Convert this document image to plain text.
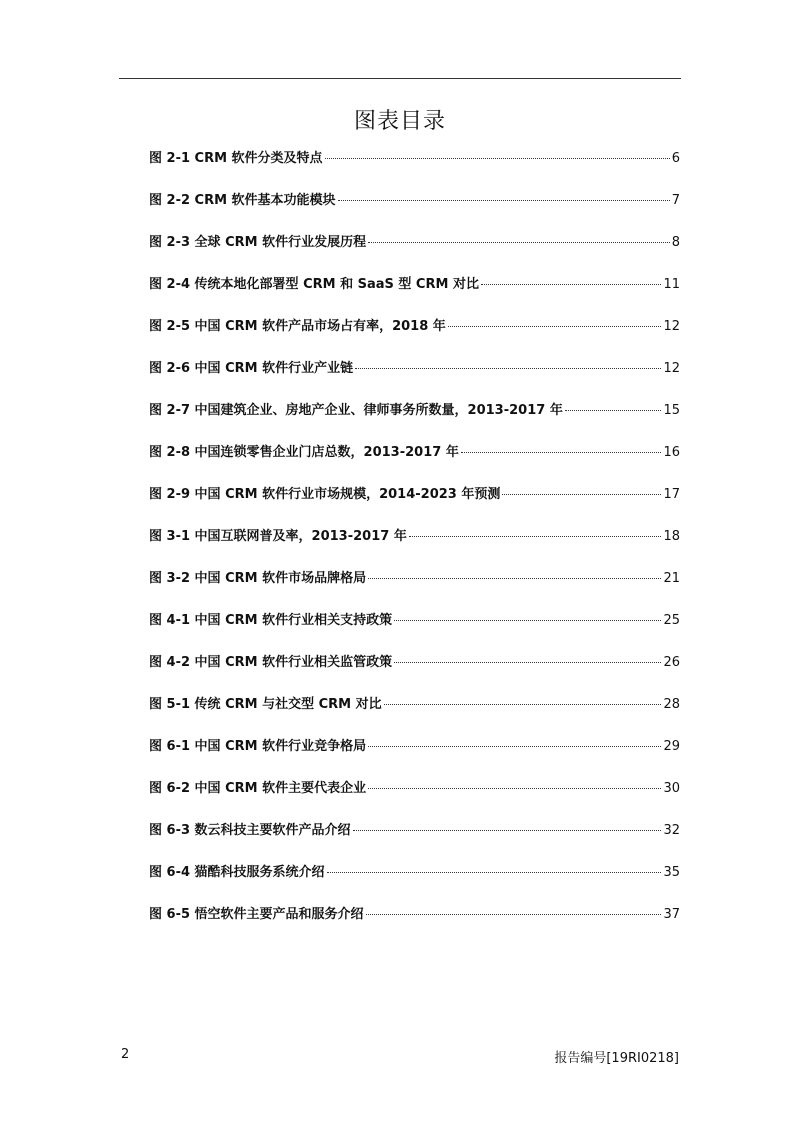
图表目录
图 2-1 CRM 软件分类及特点	6
图 2-2 CRM 软件基本功能模块	7
图 2-3 全球 CRM 软件行业发展历程	8
图 2-4 传统本地化部署型 CRM 和 SaaS 型 CRM 对比	11
图 2-5 中国 CRM 软件产品市场占有率，2018 年	12
图 2-6 中国 CRM 软件行业产业链	12
图 2-7 中国建筑企业、房地产企业、律师事务所数量，2013-2017 年	15
图 2-8 中国连锁零售企业门店总数，2013-2017 年	16
图 2-9 中国 CRM 软件行业市场规模，2014-2023 年预测	17
图 3-1 中国互联网普及率，2013-2017 年	18
图 3-2 中国 CRM 软件市场品牌格局	21
图 4-1 中国 CRM 软件行业相关支持政策	25
图 4-2 中国 CRM 软件行业相关监管政策	26
图 5-1 传统 CRM 与社交型 CRM 对比	28
图 6-1 中国 CRM 软件行业竞争格局	29
图 6-2 中国 CRM 软件主要代表企业	30
图 6-3 数云科技主要软件产品介绍	32
图 6-4 猫酷科技服务系统介绍	35
图 6-5 悟空软件主要产品和服务介绍	37
2	报告编号[19RI0218]
